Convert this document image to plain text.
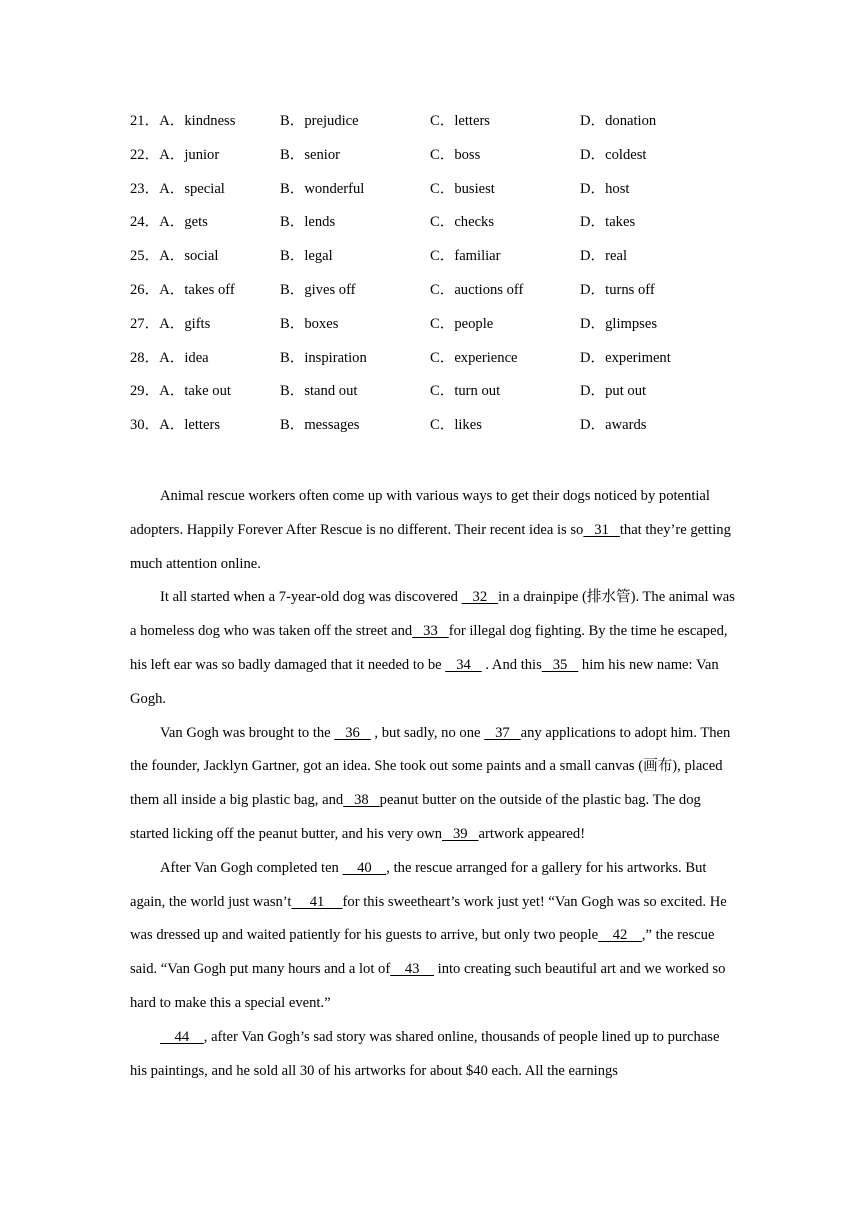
21．A．kindness	B．prejudice	C．letters	D．donation
22．A．junior	B．senior	C．boss	D．coldest
23．A．special	B．wonderful	C．busiest	D．host
24．A．gets	B．lends	C．checks	D．takes
25．A．social	B．legal	C．familiar	D．real
26．A．takes off	B．gives off	C．auctions off	D．turns off
27．A．gifts	B．boxes	C．people	D．glimpses
28．A．idea	B．inspiration	C．experience	D．experiment
29．A．take out	B．stand out	C．turn out	D．put out
30．A．letters	B．messages	C．likes	D．awards

Animal rescue workers often come up with various ways to get their dogs noticed by potential adopters. Happily Forever After Rescue is no different. Their recent idea is so   31   that they’re getting much attention online.

It all started when a 7-year-old dog was discovered    32   in a drainpipe (排水管). The animal was a homeless dog who was taken off the street and   33   for illegal dog fighting. By the time he escaped, his left ear was so badly damaged that it needed to be    34    . And this   35    him his new name: Van Gogh.

Van Gogh was brought to the    36    , but sadly, no one    37   any applications to adopt him. Then the founder, Jacklyn Gartner, got an idea. She took out some paints and a small canvas (画布), placed them all inside a big plastic bag, and   38   peanut butter on the outside of the plastic bag. The dog started licking off the peanut butter, and his very own   39   artwork appeared!

After Van Gogh completed ten     40    , the rescue arranged for a gallery for his artworks. But again, the world just wasn’t     41     for this sweetheart’s work just yet! “Van Gogh was so excited. He was dressed up and waited patiently for his guests to arrive, but only two people    42    ,” the rescue said. “Van Gogh put many hours and a lot of    43     into creating such beautiful art and we worked so hard to make this a special event.”

44    , after Van Gogh’s sad story was shared online, thousands of people lined up to purchase his paintings, and he sold all 30 of his artworks for about $40 each. All the earnings
